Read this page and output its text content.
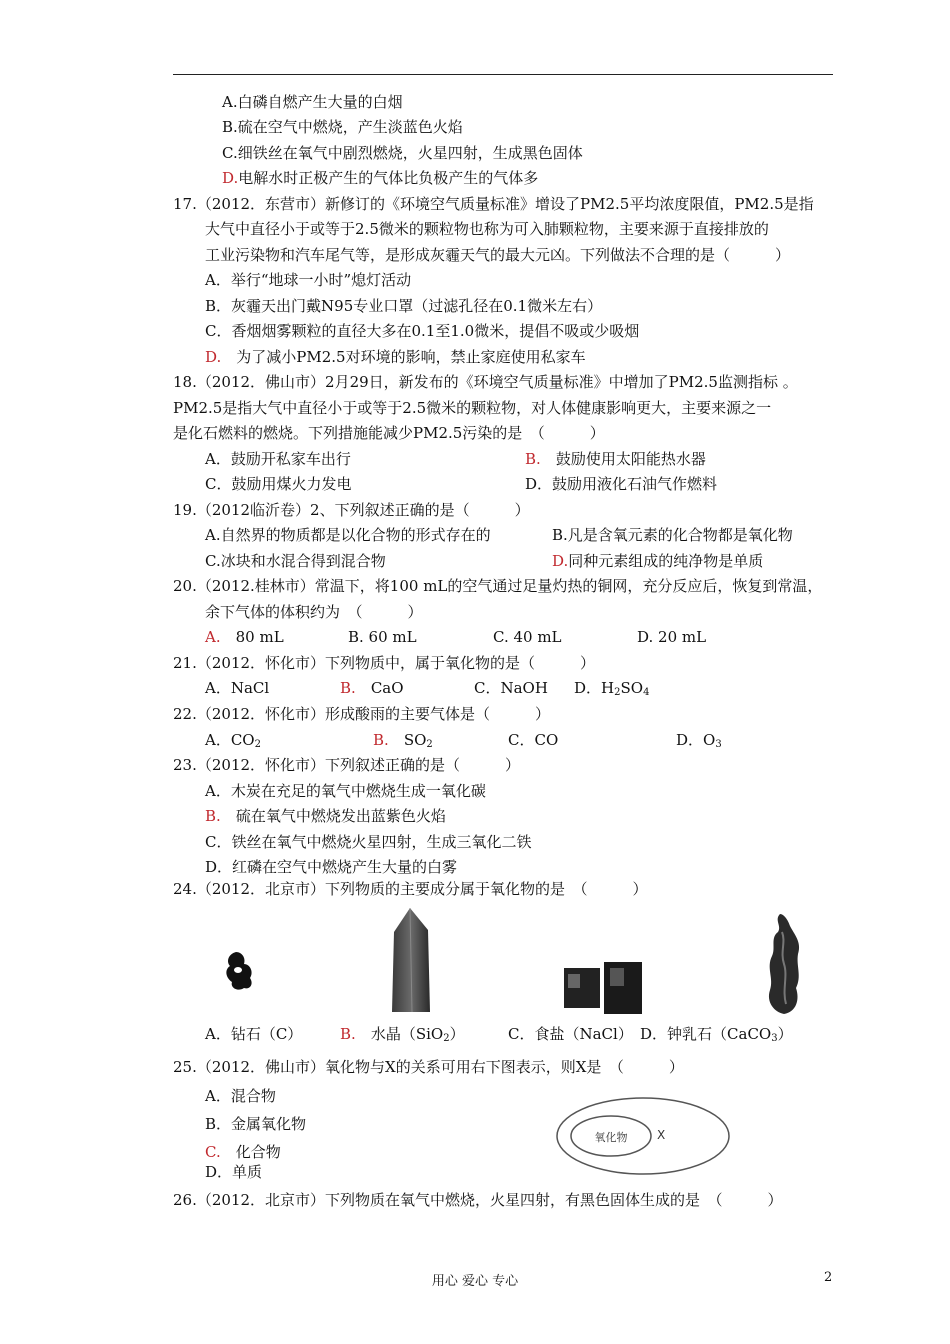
A.白磷自燃产生大量的白烟
B.硫在空气中燃烧，产生淡蓝色火焰
C.细铁丝在氧气中剧烈燃烧，火星四射，生成黑色固体
D.电解水时正极产生的气体比负极产生的气体多
17.（2012．东营市）新修订的《环境空气质量标准》增设了PM2.5平均浓度限值，PM2.5是指
大气中直径小于或等于2.5微米的颗粒物也称为可入肺颗粒物，主要来源于直接排放的
工业污染物和汽车尾气等，是形成灰霾天气的最大元凶。下列做法不合理的是（　　　）
A．举行“地球一小时”熄灯活动
B．灰霾天出门戴N95专业口罩（过滤孔径在0.1微米左右）
C．香烟烟雾颗粒的直径大多在0.1至1.0微米，提倡不吸或少吸烟
D.　 为了减小PM2.5对环境的影响，禁止家庭使用私家车
18.（2012．佛山市）2月29日，新发布的《环境空气质量标准》中增加了PM2.5监测指标 。
PM2.5是指大气中直径小于或等于2.5微米的颗粒物，对人体健康影响更大，主要来源之一
是化石燃料的燃烧。下列措施能减少PM2.5污染的是　（　　　）
A．鼓励开私家车出行	B.　 鼓励使用太阳能热水器
C．鼓励用煤火力发电	D．鼓励用液化石油气作燃料
19.（2012临沂卷）2、下列叙述正确的是（　　　）
A.自然界的物质都是以化合物的形式存在的	B.凡是含氧元素的化合物都是氧化物
C.冰块和水混合得到混合物	D.同种元素组成的纯净物是单质
20.（2012.桂林市）常温下，将100 mL的空气通过足量灼热的铜网，充分反应后，恢复到常温，
余下气体的体积约为　（　　　）
A.　 80 mL	B. 60 mL	C. 40 mL	D. 20 mL
21.（2012．怀化市）下列物质中，属于氧化物的是（　　　）
A．NaCl	B.　 CaO	C．NaOH D．$H_2SO_4$
22.（2012．怀化市）形成酸雨的主要气体是（　　　）
A．$CO_2$	B.　 $SO_2$	C．CO	D．$O_3$
23.（2012．怀化市）下列叙述正确的是（　　　）
A．木炭在充足的氧气中燃烧生成一氧化碳
B.　 硫在氧气中燃烧发出蓝紫色火焰
C．铁丝在氧气中燃烧火星四射，生成三氧化二铁
D．红磷在空气中燃烧产生大量的白雾
24.（2012．北京市）下列物质的主要成分属于氧化物的是　（　　　）
A．钻石（C）	B.　 水晶（SiO$_2$）	C．食盐（NaCl） D．钟乳石（CaCO$_3$）
25.（2012．佛山市）氧化物与X的关系可用右下图表示，则X是　（　　　）
A．混合物
B．金属氧化物
C.　 化合物
D．单质
氧化物 X
26.（2012．北京市）下列物质在氧气中燃烧，火星四射，有黑色固体生成的是　（　　　）
用心 爱心 专心	2
